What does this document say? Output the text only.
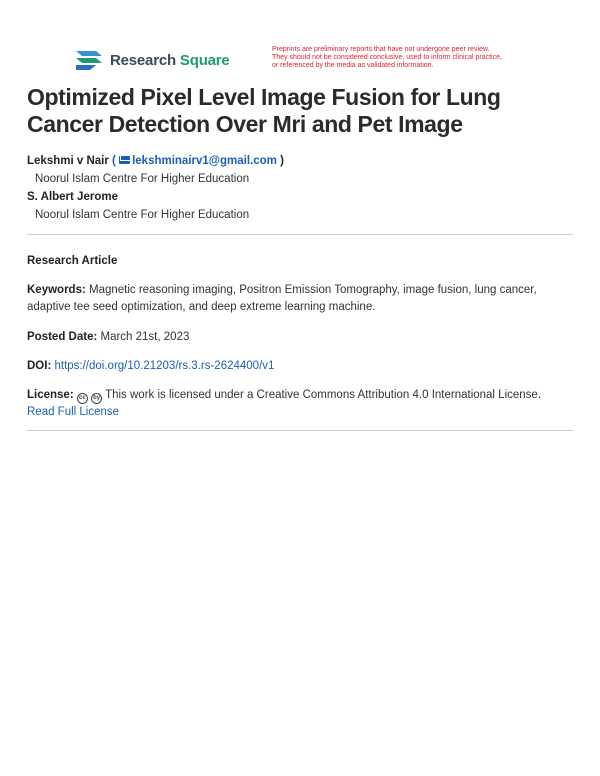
Research Square
Preprints are preliminary reports that have not undergone peer review.
They should not be considered conclusive, used to inform clinical practice,
or referenced by the media as validated information.
Optimized Pixel Level Image Fusion for Lung Cancer Detection Over Mri and Pet Image
Lekshmi v Nair ( lekshminairv1@gmail.com )
Noorul Islam Centre For Higher Education
S. Albert Jerome
Noorul Islam Centre For Higher Education
Research Article
Keywords: Magnetic reasoning imaging, Positron Emission Tomography, image fusion, lung cancer, adaptive tee seed optimization, and deep extreme learning machine.
Posted Date: March 21st, 2023
DOI: https://doi.org/10.21203/rs.3.rs-2624400/v1
License: cc by This work is licensed under a Creative Commons Attribution 4.0 International License.
Read Full License
